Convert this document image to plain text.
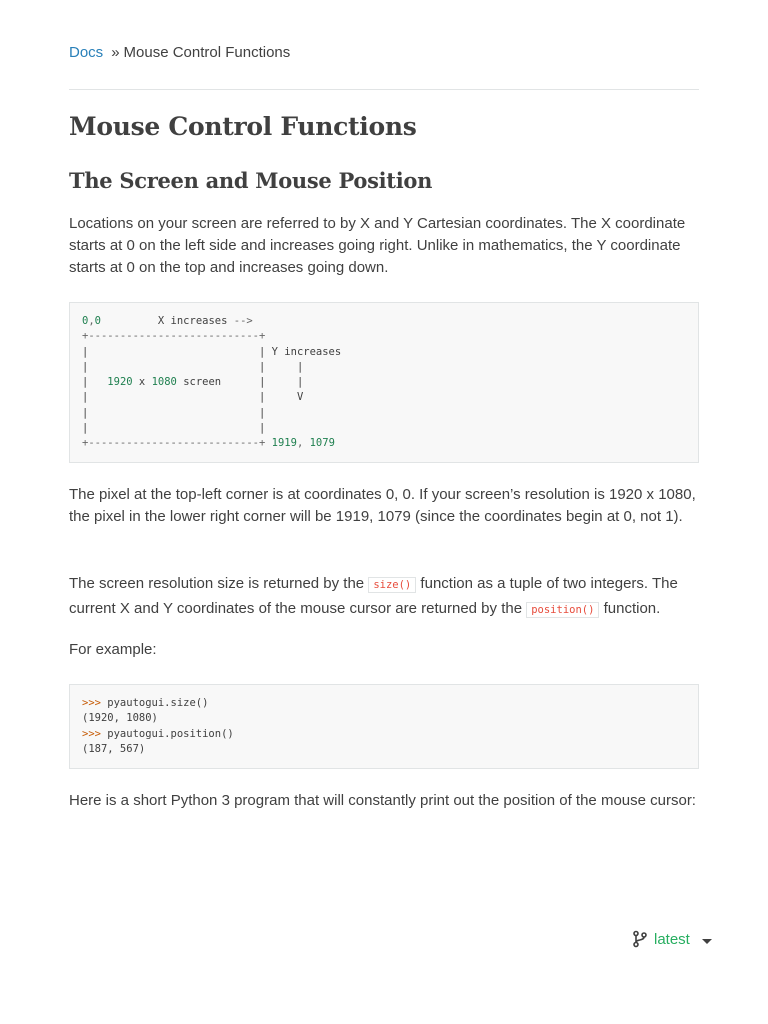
Docs » Mouse Control Functions
Mouse Control Functions
The Screen and Mouse Position

Locations on your screen are referred to by X and Y Cartesian coordinates. The X coordinate starts at 0 on the left side and increases going right. Unlike in mathematics, the Y coordinate starts at 0 on the top and increases going down.

0,0	X increases -->
+---------------------------+
|	| Y increases
|	|	|
| 1920 x 1080 screen	|	|
|	|	V
|	|
|	|
+---------------------------+ 1919, 1079

The pixel at the top-left corner is at coordinates 0, 0. If your screen’s resolution is 1920 x 1080, the pixel in the lower right corner will be 1919, 1079 (since the coordinates begin at 0, not 1).

The screen resolution size is returned by the size() function as a tuple of two integers. The current X and Y coordinates of the mouse cursor are returned by the position() function.

For example:

>>> pyautogui.size()
(1920, 1080)
>>> pyautogui.position()
(187, 567)

Here is a short Python 3 program that will constantly print out the position of the mouse cursor:

latest
